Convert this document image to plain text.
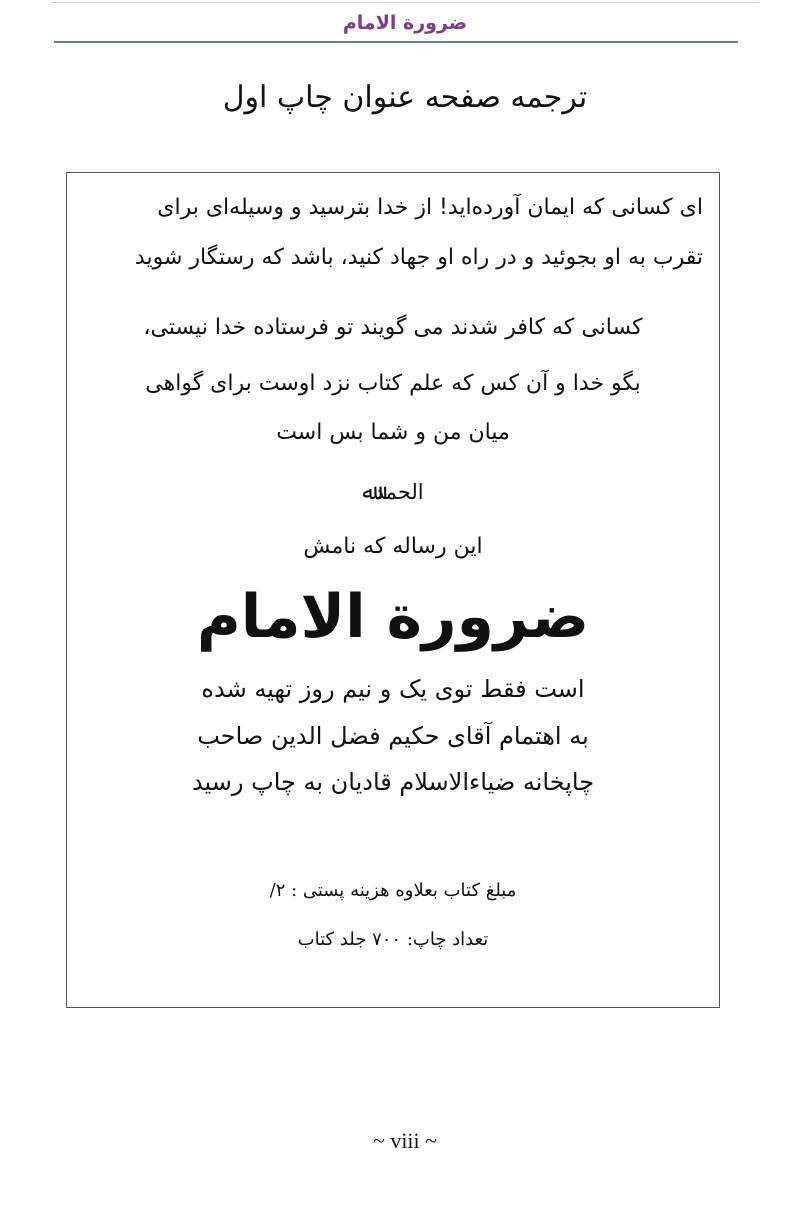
ضرورة الامام
ترجمه صفحه عنوان چاپ اول
ای کسانی که ایمان آورده‌اید! از خدا بترسید و وسیله‌ای برای
تقرب به او بجوئید و در راه او جهاد کنید، باشد که رستگار شوید
کسانی که کافر شدند می گویند تو فرستاده خدا نیستی،
بگو خدا و آن کس که علم کتاب نزد اوست برای گواهی
میان من و شما بس است
الحمدﷲ
این رساله که نامش
ضرورة الامام
است فقط توی یک و نیم روز تهیه شده
به اهتمام آقای حکیم فضل الدین صاحب
چاپخانه ضیاءالاسلام قادیان به چاپ رسید
مبلغ کتاب بعلاوه هزینه پستی : ۲/
تعداد چاپ: ۷۰۰ جلد کتاب
~ viii ~
